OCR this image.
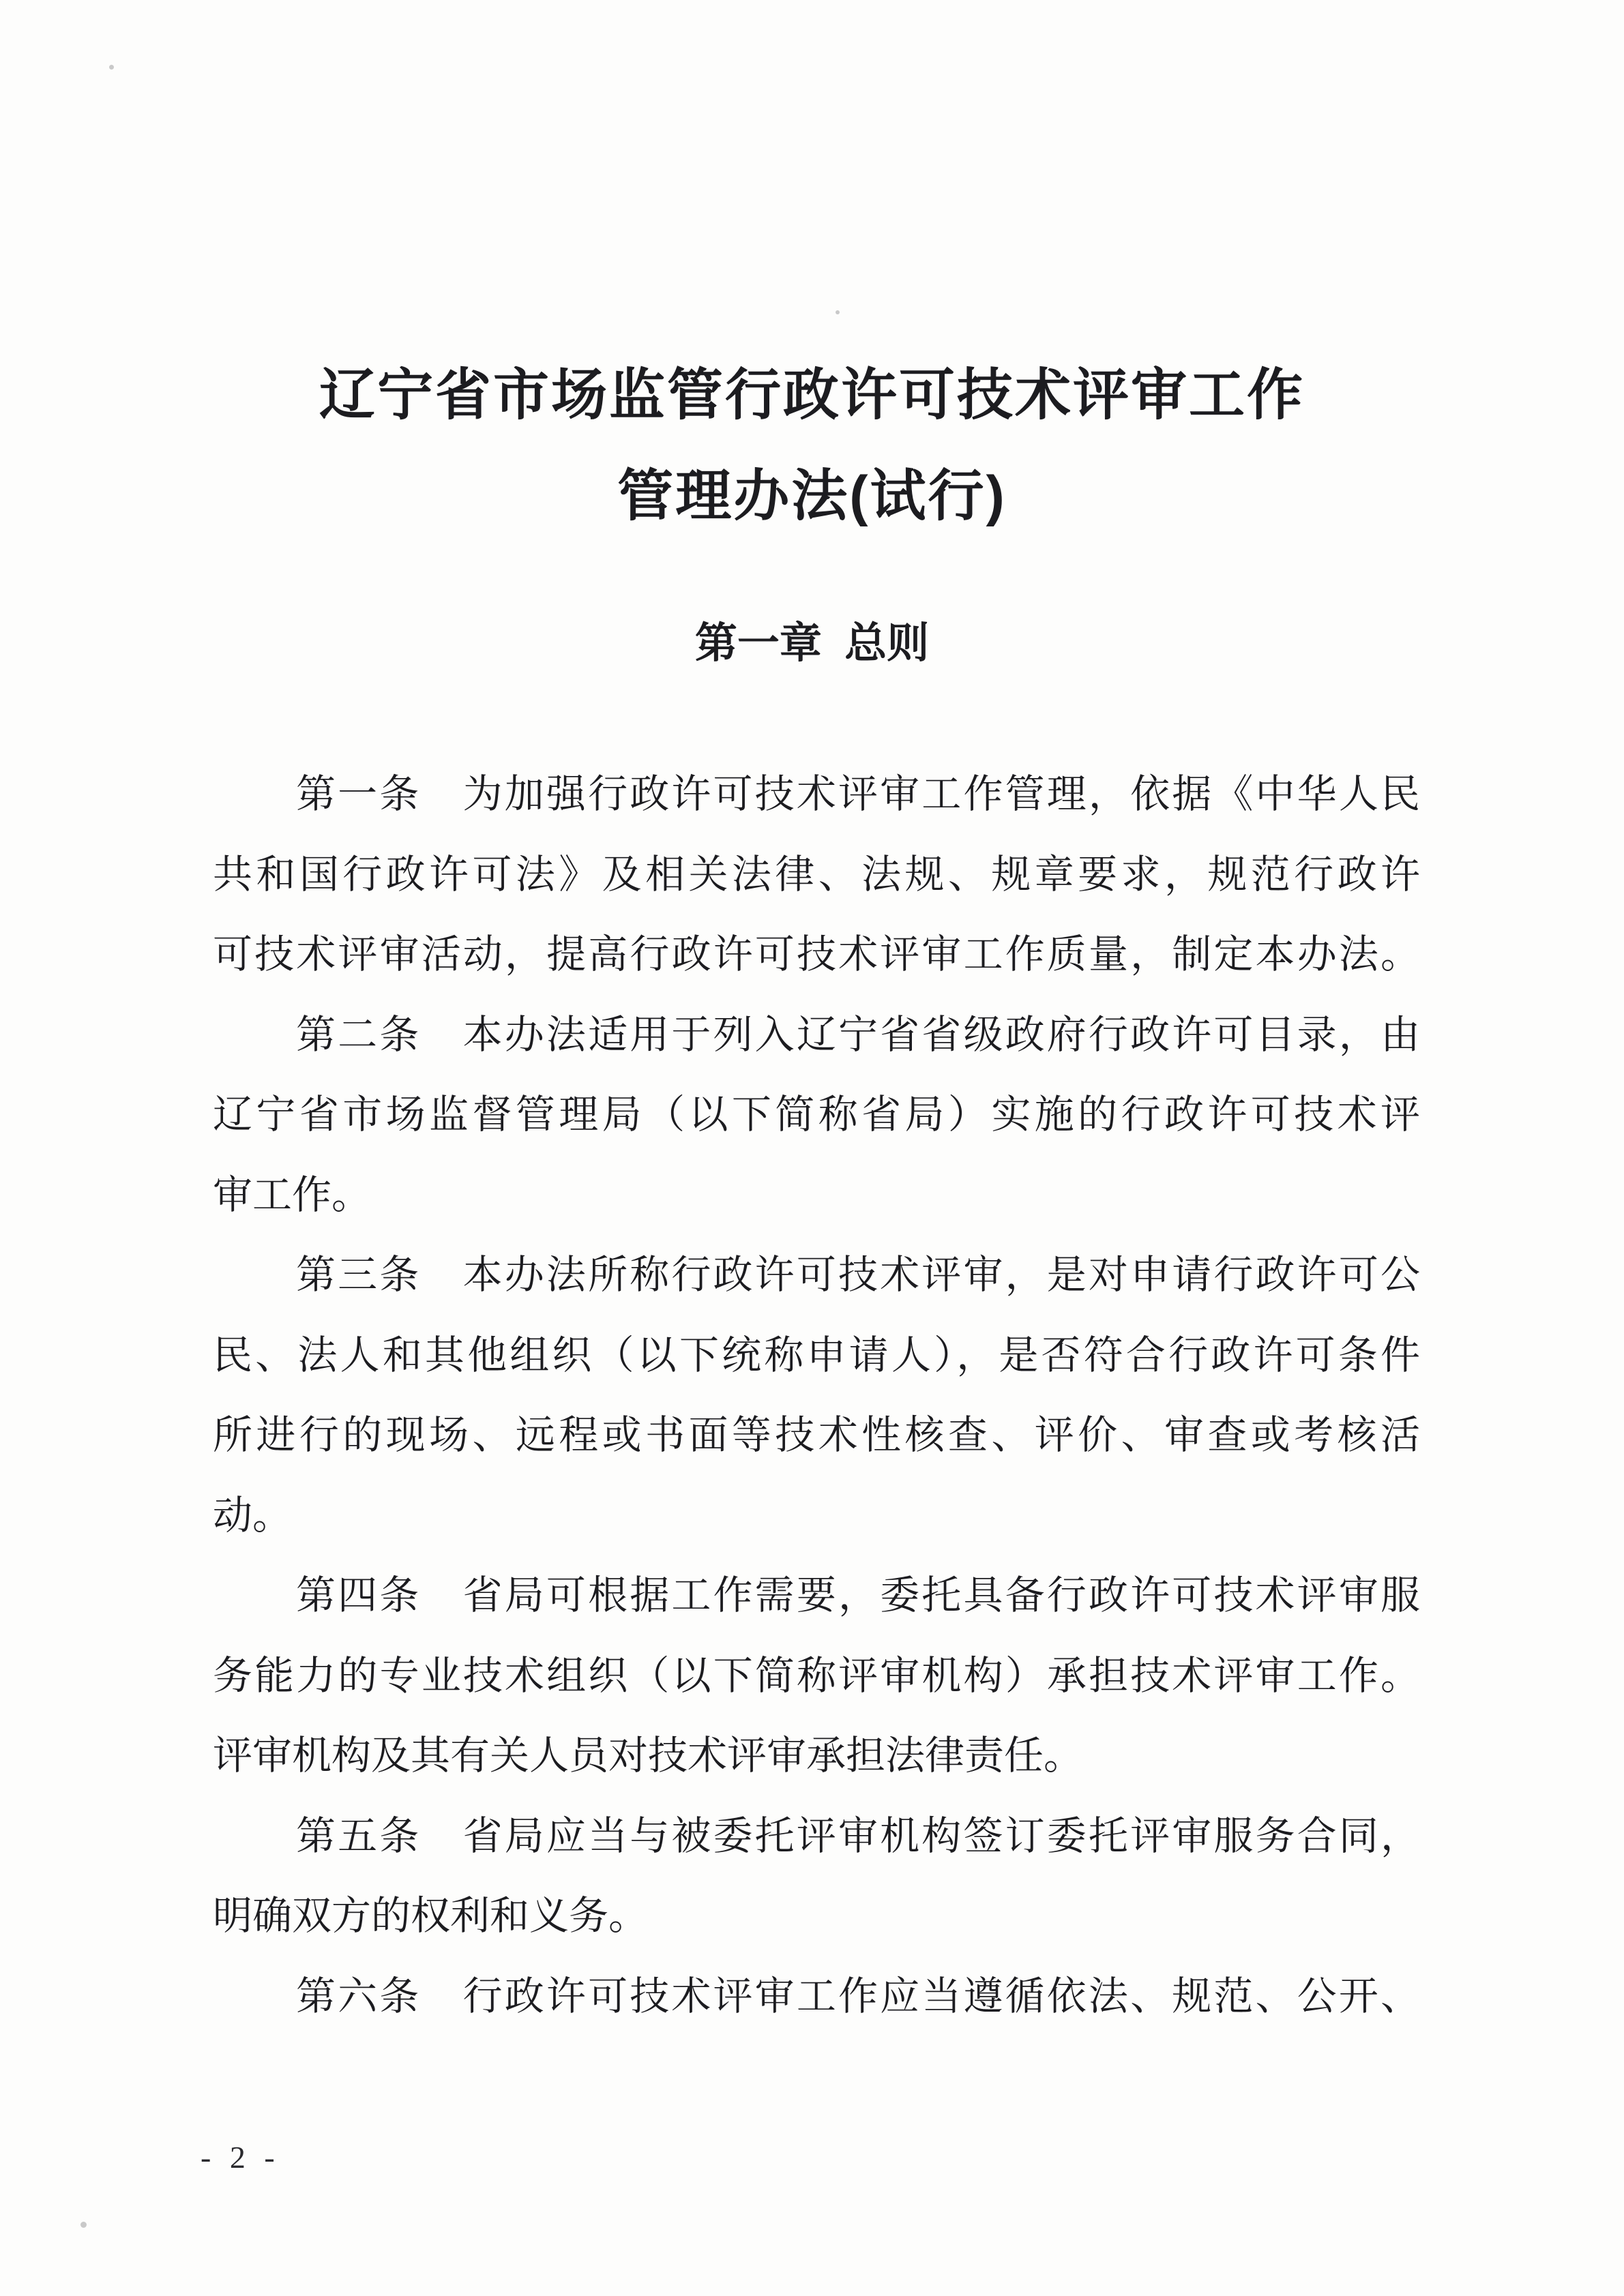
辽宁省市场监管行政许可技术评审工作
管理办法(试行)
第一章 总则
第一条　为加强行政许可技术评审工作管理，依据《中华人民
共和国行政许可法》及相关法律、法规、规章要求，规范行政许
可技术评审活动，提高行政许可技术评审工作质量，制定本办法。
第二条　本办法适用于列入辽宁省省级政府行政许可目录，由
辽宁省市场监督管理局（以下简称省局）实施的行政许可技术评
审工作。
第三条　本办法所称行政许可技术评审，是对申请行政许可公
民、法人和其他组织（以下统称申请人），是否符合行政许可条件
所进行的现场、远程或书面等技术性核查、评价、审查或考核活
动。
第四条　省局可根据工作需要，委托具备行政许可技术评审服
务能力的专业技术组织（以下简称评审机构）承担技术评审工作。
评审机构及其有关人员对技术评审承担法律责任。
第五条　省局应当与被委托评审机构签订委托评审服务合同，
明确双方的权利和义务。
第六条　行政许可技术评审工作应当遵循依法、规范、公开、
- 2 -
